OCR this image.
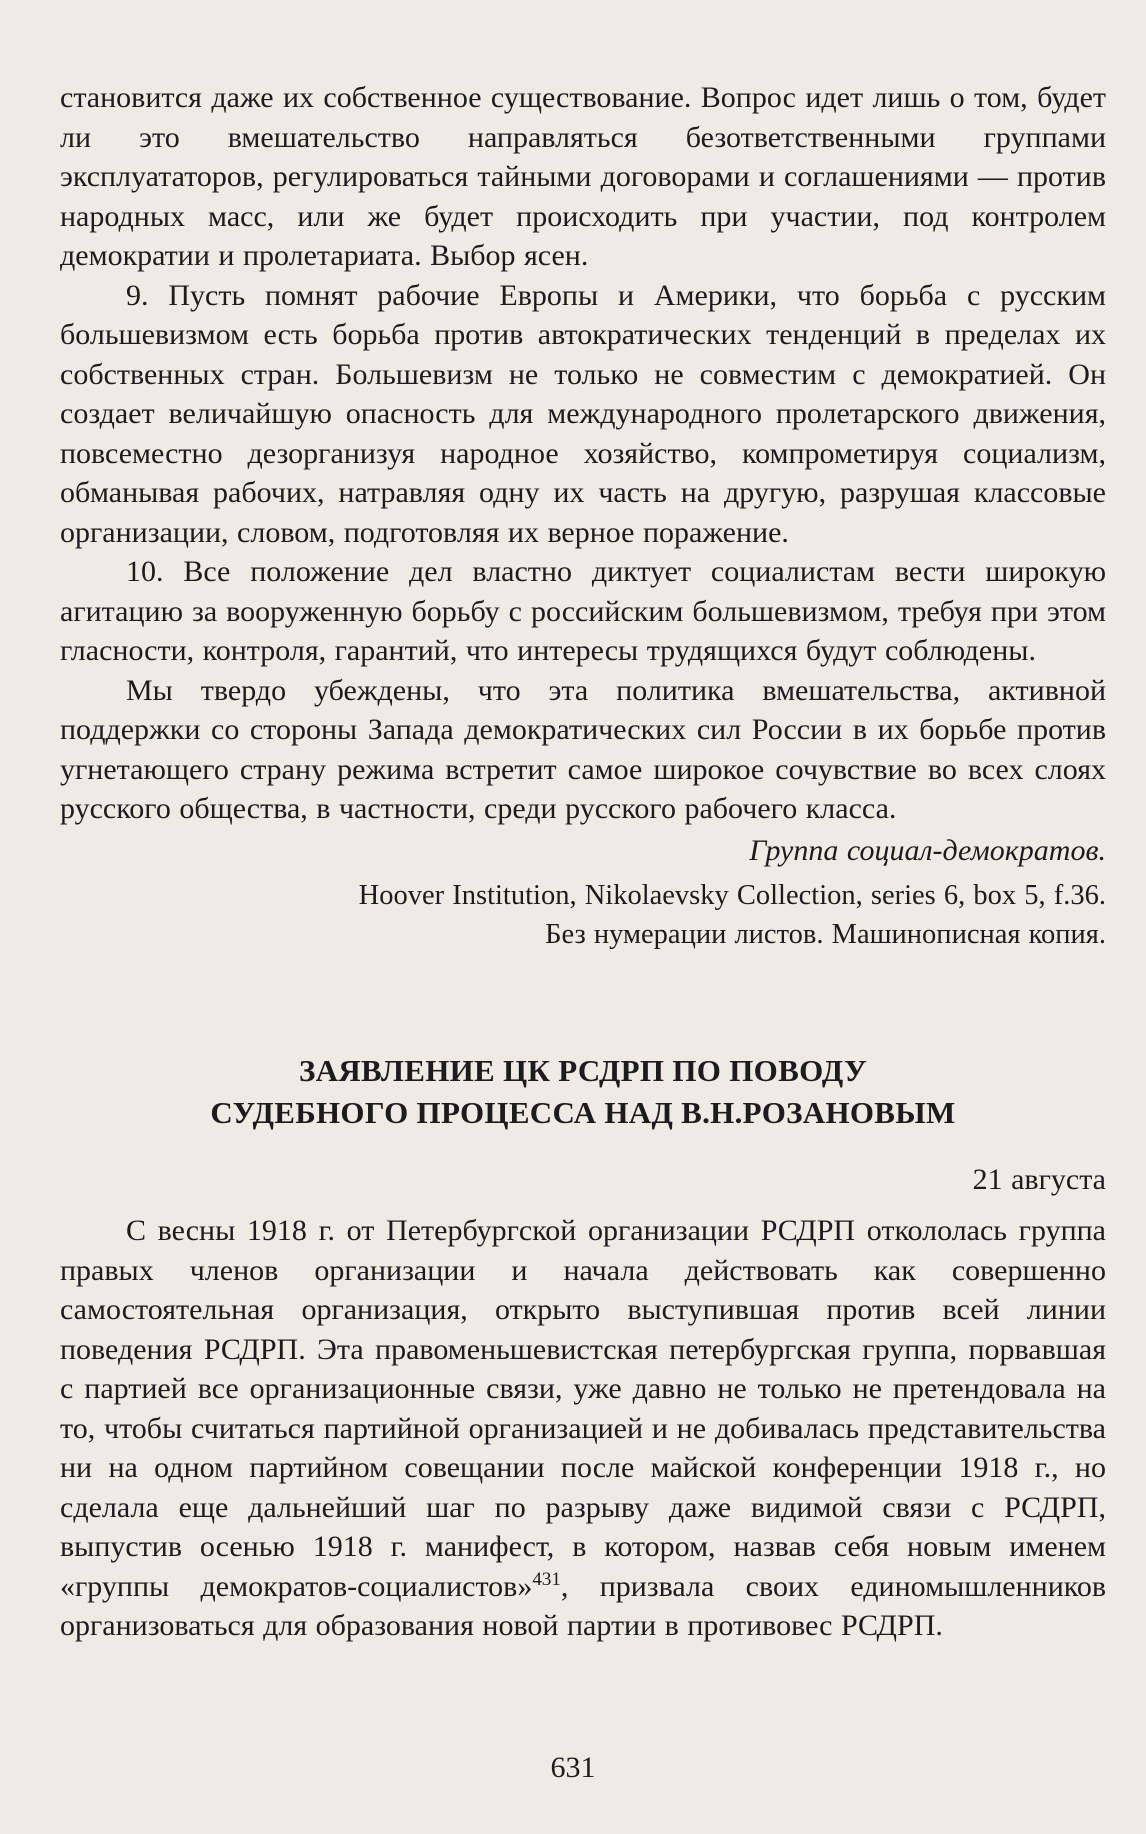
становится даже их собственное существование. Вопрос идет лишь о том, будет ли это вмешательство направляться безответственными группами эксплуататоров, регулироваться тайными договорами и соглашениями — против народных масс, или же будет происходить при участии, под контролем демократии и пролетариата. Выбор ясен.

9. Пусть помнят рабочие Европы и Америки, что борьба с русским большевизмом есть борьба против автократических тенденций в пределах их собственных стран. Большевизм не только не совместим с демократией. Он создает величайшую опасность для международного пролетарского движения, повсеместно дезорганизуя народное хозяйство, компрометируя социализм, обманывая рабочих, натравляя одну их часть на другую, разрушая классовые организации, словом, подготовляя их верное поражение.

10. Все положение дел властно диктует социалистам вести широкую агитацию за вооруженную борьбу с российским большевизмом, требуя при этом гласности, контроля, гарантий, что интересы трудящихся будут соблюдены.

Мы твердо убеждены, что эта политика вмешательства, активной поддержки со стороны Запада демократических сил России в их борьбе против угнетающего страну режима встретит самое широкое сочувствие во всех слоях русского общества, в частности, среди русского рабочего класса.

Группа социал-демократов.

Hoover Institution, Nikolaevsky Collection, series 6, box 5, f.36.
Без нумерации листов. Машинописная копия.

ЗАЯВЛЕНИЕ ЦК РСДРП ПО ПОВОДУ
СУДЕБНОГО ПРОЦЕССА НАД В.Н.РОЗАНОВЫМ

21 августа

С весны 1918 г. от Петербургской организации РСДРП откололась группа правых членов организации и начала действовать как совершенно самостоятельная организация, открыто выступившая против всей линии поведения РСДРП. Эта правоменьшевистская петербургская группа, порвавшая с партией все организационные связи, уже давно не только не претендовала на то, чтобы считаться партийной организацией и не добивалась представительства ни на одном партийном совещании после майской конференции 1918 г., но сделала еще дальнейший шаг по разрыву даже видимой связи с РСДРП, выпустив осенью 1918 г. манифест, в котором, назвав себя новым именем «группы демократов-социалистов»$^{431}$, призвала своих единомышленников организоваться для образования новой партии в противовес РСДРП.

631
